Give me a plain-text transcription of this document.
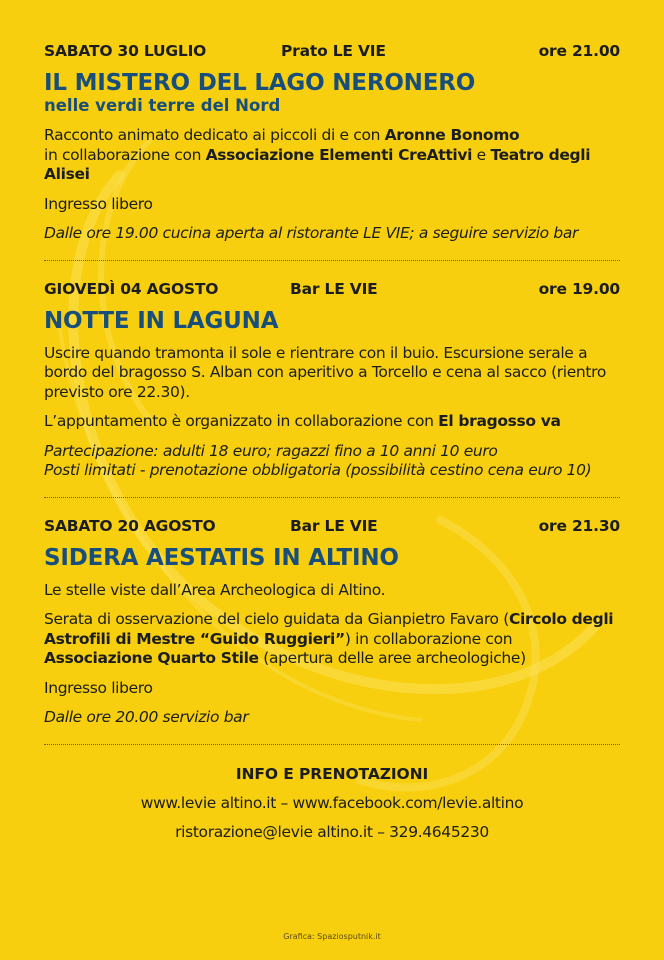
SABATO 30 LUGLIO	Prato LE VIE	ore 21.00
IL MISTERO DEL LAGO NERONERO
nelle verdi terre del Nord
Racconto animato dedicato ai piccoli di e con Aronne Bonomo
in collaborazione con Associazione Elementi CreAttivi e Teatro degli Alisei
Ingresso libero
Dalle ore 19.00 cucina aperta al ristorante LE VIE; a seguire servizio bar
GIOVEDÌ 04 AGOSTO	Bar LE VIE	ore 19.00
NOTTE IN LAGUNA
Uscire quando tramonta il sole e rientrare con il buio. Escursione serale a bordo del bragosso S. Alban con aperitivo a Torcello e cena al sacco (rientro previsto ore 22.30).
L’appuntamento è organizzato in collaborazione con El bragosso va
Partecipazione: adulti 18 euro; ragazzi fino a 10 anni 10 euro
Posti limitati - prenotazione obbligatoria (possibilità cestino cena euro 10)
SABATO 20 AGOSTO	Bar LE VIE	ore 21.30
SIDERA AESTATIS IN ALTINO
Le stelle viste dall’Area Archeologica di Altino.
Serata di osservazione del cielo guidata da Gianpietro Favaro (Circolo degli Astrofili di Mestre “Guido Ruggieri”) in collaborazione con
Associazione Quarto Stile (apertura delle aree archeologiche)
Ingresso libero
Dalle ore 20.00 servizio bar
INFO E PRENOTAZIONI
www.levie altino.it – www.facebook.com/levie.altino
ristorazione@levie altino.it – 329.4645230
Grafica: Spaziosputnik.it
